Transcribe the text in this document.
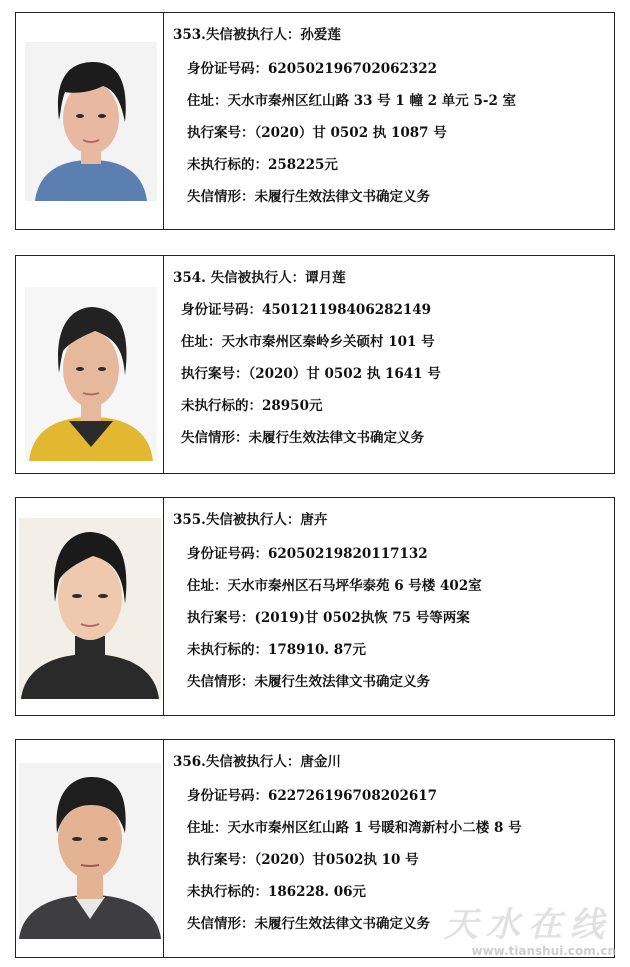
353.失信被执行人：孙爱莲
身份证号码：620502196702062322
住址：天水市秦州区红山路 33 号 1 幢 2 单元 5-2 室
执行案号：（2020）甘 0502 执 1087 号
未执行标的：258225元
失信情形：未履行生效法律文书确定义务
354. 失信被执行人：谭月莲
身份证号码：450121198406282149
住址：天水市秦州区秦岭乡关硕村 101 号
执行案号：（2020）甘 0502 执 1641 号
未执行标的：28950元
失信情形：未履行生效法律文书确定义务
355.失信被执行人：唐卉
身份证号码：620502198201171​32
住址：天水市秦州区石马坪华泰苑 6 号楼 402室
执行案号：(2019)甘 0502执恢 75 号等两案
未执行标的：178910. 87元
失信情形：未履行生效法律文书确定义务
356.失信被执行人：唐金川
身份证号码：622726196708202617
住址：天水市秦州区红山路 1 号暖和湾新村小二楼 8 号
执行案号：（2020）甘0502执 10 号
未执行标的：186228. 06元
失信情形：未履行生效法律文书确定义务 天水在线
www.tianshui.com.cn
